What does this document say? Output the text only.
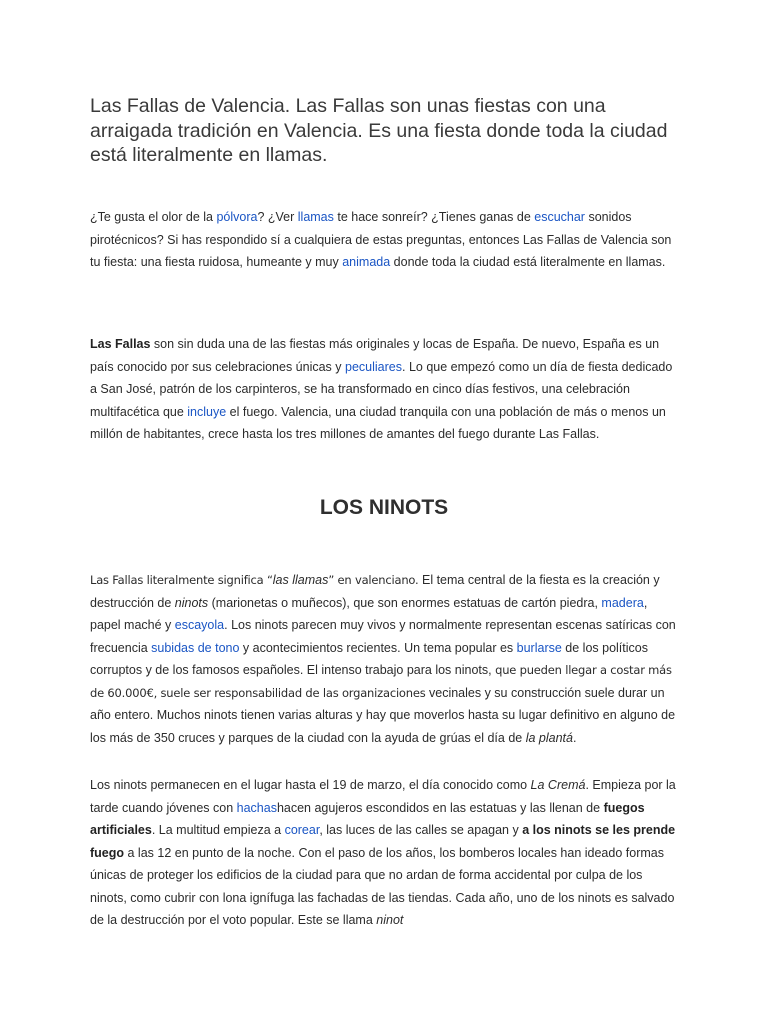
Las Fallas de Valencia. Las Fallas son unas fiestas con una arraigada tradición en Valencia. Es una fiesta donde toda la ciudad está literalmente en llamas.

¿Te gusta el olor de la pólvora? ¿Ver llamas te hace sonreír? ¿Tienes ganas de escuchar sonidos pirotécnicos? Si has respondido sí a cualquiera de estas preguntas, entonces Las Fallas de Valencia son tu fiesta: una fiesta ruidosa, humeante y muy animada donde toda la ciudad está literalmente en llamas.

Las Fallas son sin duda una de las fiestas más originales y locas de España. De nuevo, España es un país conocido por sus celebraciones únicas y peculiares. Lo que empezó como un día de fiesta dedicado a San José, patrón de los carpinteros, se ha transformado en cinco días festivos, una celebración multifacética que incluye el fuego. Valencia, una ciudad tranquila con una población de más o menos un millón de habitantes, crece hasta los tres millones de amantes del fuego durante Las Fallas.

LOS NINOTS

Las Fallas literalmente significa “las llamas” en valenciano. El tema central de la fiesta es la creación y destrucción de ninots (marionetas o muñecos), que son enormes estatuas de cartón piedra, madera, papel maché y escayola. Los ninots parecen muy vivos y normalmente representan escenas satíricas con frecuencia subidas de tono y acontecimientos recientes. Un tema popular es burlarse de los políticos corruptos y de los famosos españoles. El intenso trabajo para los ninots, que pueden llegar a costar más de 60.000€, suele ser responsabilidad de las organizaciones vecinales y su construcción suele durar un año entero. Muchos ninots tienen varias alturas y hay que moverlos hasta su lugar definitivo en alguno de los más de 350 cruces y parques de la ciudad con la ayuda de grúas el día de la plantá.

Los ninots permanecen en el lugar hasta el 19 de marzo, el día conocido como La Cremá. Empieza por la tarde cuando jóvenes con hachashacen agujeros escondidos en las estatuas y las llenan de fuegos artificiales. La multitud empieza a corear, las luces de las calles se apagan y a los ninots se les prende fuego a las 12 en punto de la noche. Con el paso de los años, los bomberos locales han ideado formas únicas de proteger los edificios de la ciudad para que no ardan de forma accidental por culpa de los ninots, como cubrir con lona ignífuga las fachadas de las tiendas. Cada año, uno de los ninots es salvado de la destrucción por el voto popular. Este se llama ninot
